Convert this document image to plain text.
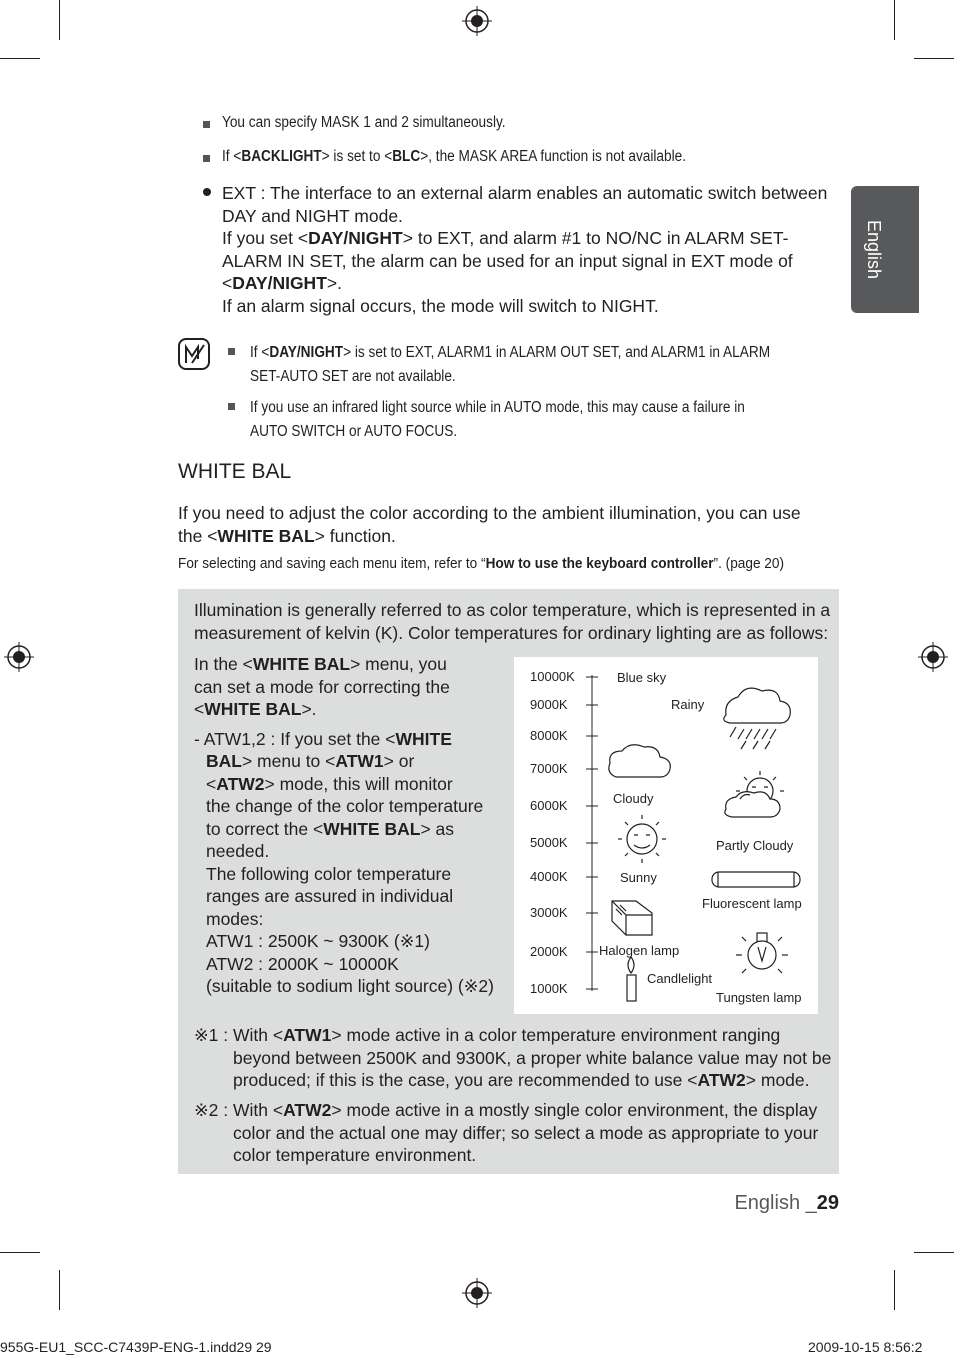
English
You can specify MASK 1 and 2 simultaneously.
If <BACKLIGHT> is set to <BLC>, the MASK AREA function is not available.
EXT : The interface to an external alarm enables an automatic switch between
DAY and NIGHT mode.
If you set <DAY/NIGHT> to EXT, and alarm #1 to NO/NC in ALARM SET-
ALARM IN SET, the alarm can be used for an input signal in EXT mode of
<DAY/NIGHT>.
If an alarm signal occurs, the mode will switch to NIGHT.
If <DAY/NIGHT> is set to EXT, ALARM1 in ALARM OUT SET, and ALARM1 in ALARM
SET-AUTO SET are not available.
If you use an infrared light source while in AUTO mode, this may cause a failure in
AUTO SWITCH or AUTO FOCUS.
WHITE BAL
If you need to adjust the color according to the ambient illumination, you can use
the <WHITE BAL> function.
For selecting and saving each menu item, refer to “How to use the keyboard controller”. (page 20)
Illumination is generally referred to as color temperature, which is represented in a
measurement of kelvin (K). Color temperatures for ordinary lighting are as follows:
In the <WHITE BAL> menu, you
can set a mode for correcting the
<WHITE BAL>.
- ATW1,2 : If you set the <WHITE
BAL> menu to <ATW1> or
<ATW2> mode, this will monitor
the change of the color temperature
to correct the <WHITE BAL> as
needed.
The following color temperature
ranges are assured in individual
modes:
ATW1 : 2500K ~ 9300K (※1)
ATW2 : 2000K ~ 10000K
(suitable to sodium light source) (※2)
10000K
9000K
8000K
7000K
6000K
5000K
4000K
3000K
2000K
1000K
Blue sky
Rainy
Cloudy
Partly Cloudy
Sunny
Fluorescent lamp
Halogen lamp
Candlelight
Tungsten lamp
※1 : With <ATW1> mode active in a color temperature environment ranging
beyond between 2500K and 9300K, a proper white balance value may not be
produced; if this is the case, you are recommended to use <ATW2> mode.
※2 : With <ATW2> mode active in a mostly single color environment, the display
color and the actual one may differ; so select a mode as appropriate to your
color temperature environment.
English _29
955G-EU1_SCC-C7439P-ENG-1.indd29 29	2009-10-15 8:56:2
